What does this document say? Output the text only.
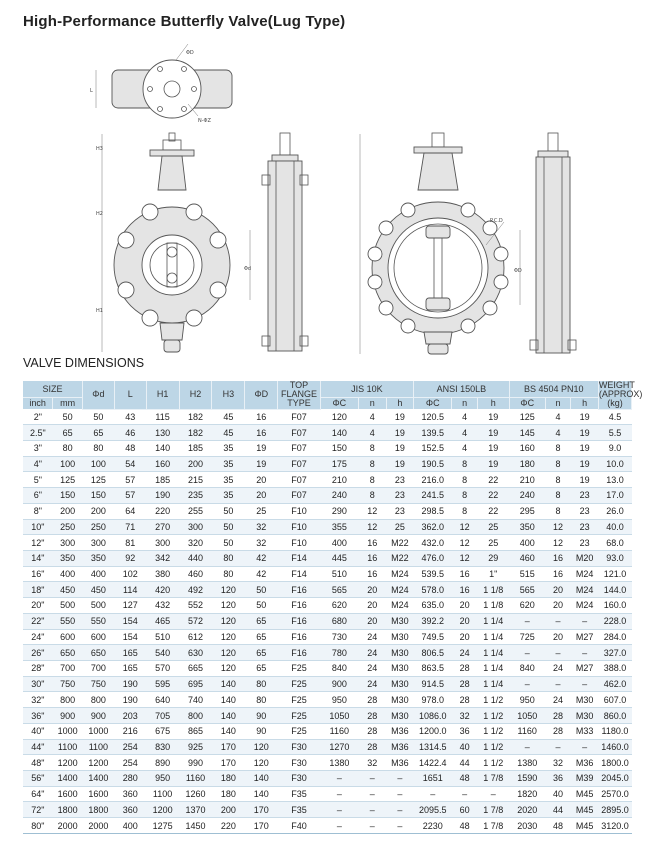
High-Performance Butterfly Valve(Lug Type)
L
ΦD
N-ΦZ
H3
H2
H1
Φd
P.C.D
ΦD
VALVE DIMENSIONS
SIZE		Φd	L	H1	H2	H3	ΦD	TOP FLANGE TYPE	JIS 10K			ANSI 150LB			BS 4504 PN10			WEIGHT (APPROX) (kg)
inch	mm								ΦC	n	h	ΦC	n	h	ΦC	n	h	
2"	50	50	43	115	182	45	16	F07	120	4	19	120.5	4	19	125	4	19	4.5
2.5"	65	65	46	130	182	45	16	F07	140	4	19	139.5	4	19	145	4	19	5.5
3"	80	80	48	140	185	35	19	F07	150	8	19	152.5	4	19	160	8	19	9.0
4"	100	100	54	160	200	35	19	F07	175	8	19	190.5	8	19	180	8	19	10.0
5"	125	125	57	185	215	35	20	F07	210	8	23	216.0	8	22	210	8	19	13.0
6"	150	150	57	190	235	35	20	F07	240	8	23	241.5	8	22	240	8	23	17.0
8"	200	200	64	220	255	50	25	F10	290	12	23	298.5	8	22	295	8	23	26.0
10"	250	250	71	270	300	50	32	F10	355	12	25	362.0	12	25	350	12	23	40.0
12"	300	300	81	300	320	50	32	F10	400	16	M22	432.0	12	25	400	12	23	68.0
14"	350	350	92	342	440	80	42	F14	445	16	M22	476.0	12	29	460	16	M20	93.0
16"	400	400	102	380	460	80	42	F14	510	16	M24	539.5	16	1"	515	16	M24	121.0
18"	450	450	114	420	492	120	50	F16	565	20	M24	578.0	16	1 1/8	565	20	M24	144.0
20"	500	500	127	432	552	120	50	F16	620	20	M24	635.0	20	1 1/8	620	20	M24	160.0
22"	550	550	154	465	572	120	65	F16	680	20	M30	392.2	20	1 1/4	–	–	–	228.0
24"	600	600	154	510	612	120	65	F16	730	24	M30	749.5	20	1 1/4	725	20	M27	284.0
26"	650	650	165	540	630	120	65	F16	780	24	M30	806.5	24	1 1/4	–	–	–	327.0
28"	700	700	165	570	665	120	65	F25	840	24	M30	863.5	28	1 1/4	840	24	M27	388.0
30"	750	750	190	595	695	140	80	F25	900	24	M30	914.5	28	1 1/4	–	–	–	462.0
32"	800	800	190	640	740	140	80	F25	950	28	M30	978.0	28	1 1/2	950	24	M30	607.0
36"	900	900	203	705	800	140	90	F25	1050	28	M30	1086.0	32	1 1/2	1050	28	M30	860.0
40"	1000	1000	216	675	865	140	90	F25	1160	28	M36	1200.0	36	1 1/2	1160	28	M33	1180.0
44"	1100	1100	254	830	925	170	120	F30	1270	28	M36	1314.5	40	1 1/2	–	–	–	1460.0
48"	1200	1200	254	890	990	170	120	F30	1380	32	M36	1422.4	44	1 1/2	1380	32	M36	1800.0
56"	1400	1400	280	950	1160	180	140	F30	–	–	–	1651	48	1 7/8	1590	36	M39	2045.0
64"	1600	1600	360	1100	1260	180	140	F35	–	–	–	–	–	–	1820	40	M45	2570.0
72"	1800	1800	360	1200	1370	200	170	F35	–	–	–	2095.5	60	1 7/8	2020	44	M45	2895.0
80"	2000	2000	400	1275	1450	220	170	F40	–	–	–	2230	48	1 7/8	2030	48	M45	3120.0
